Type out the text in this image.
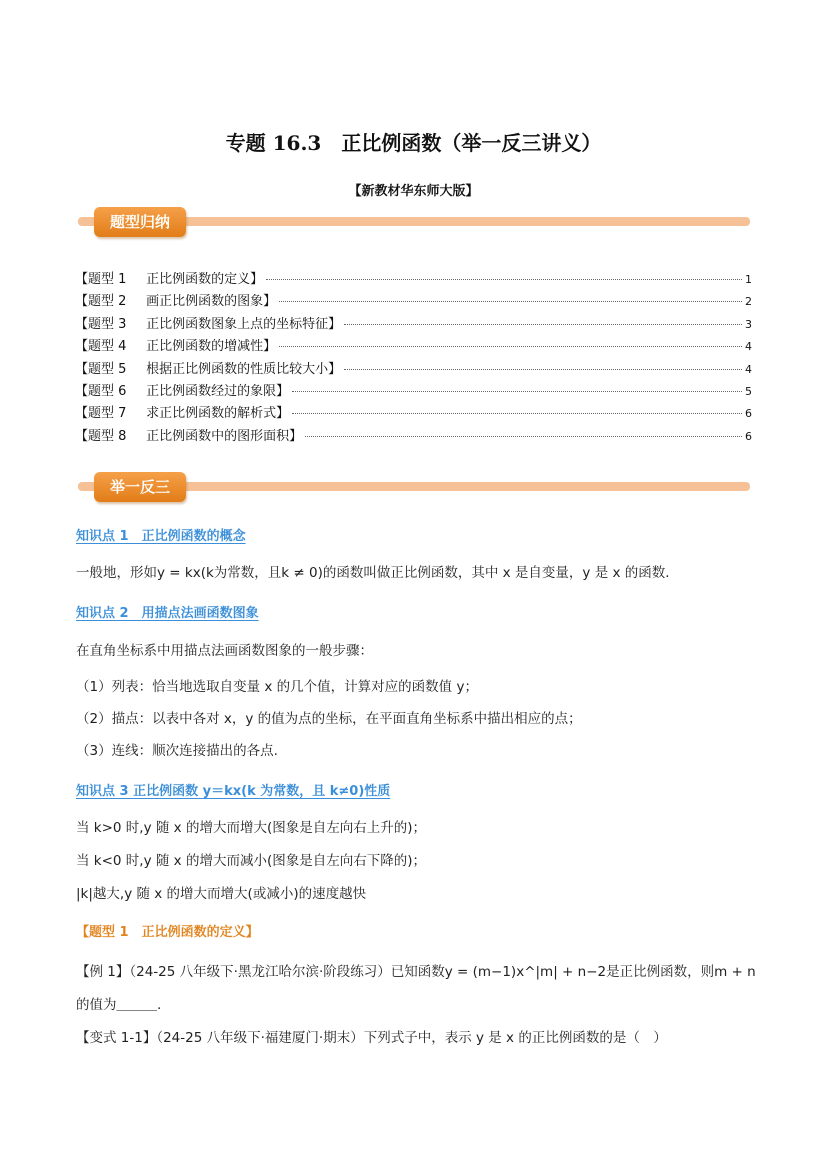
专题 16.3　正比例函数（举一反三讲义）
【新教材华东师大版】
题型归纳
【题型 1 正比例函数的定义】	1
【题型 2 画正比例函数的图象】	2
【题型 3 正比例函数图象上点的坐标特征】	3
【题型 4 正比例函数的增减性】	4
【题型 5 根据正比例函数的性质比较大小】	4
【题型 6 正比例函数经过的象限】	5
【题型 7 求正比例函数的解析式】	6
【题型 8 正比例函数中的图形面积】	6
举一反三
知识点 1　正比例函数的概念
一般地，形如y = kx(k为常数，且k ≠ 0)的函数叫做正比例函数，其中 x 是自变量，y 是 x 的函数.
知识点 2　用描点法画函数图象
在直角坐标系中用描点法画函数图象的一般步骤：
（1）列表：恰当地选取自变量 x 的几个值，计算对应的函数值 y；
（2）描点：以表中各对 x，y 的值为点的坐标，在平面直角坐标系中描出相应的点；
（3）连线：顺次连接描出的各点.
知识点 3 正比例函数 y＝kx(k 为常数，且 k≠0)性质
当 k>0 时,y 随 x 的增大而增大(图象是自左向右上升的)；
当 k<0 时,y 随 x 的增大而减小(图象是自左向右下降的)；
|k|越大,y 随 x 的增大而增大(或减小)的速度越快
【题型 1　正比例函数的定义】
【例 1】（24-25 八年级下·黑龙江哈尔滨·阶段练习）已知函数y = (m−1)x^|m| + n−2是正比例函数，则m + n
的值为＿＿＿.
【变式 1-1】（24-25 八年级下·福建厦门·期末）下列式子中，表示 y 是 x 的正比例函数的是（　）
